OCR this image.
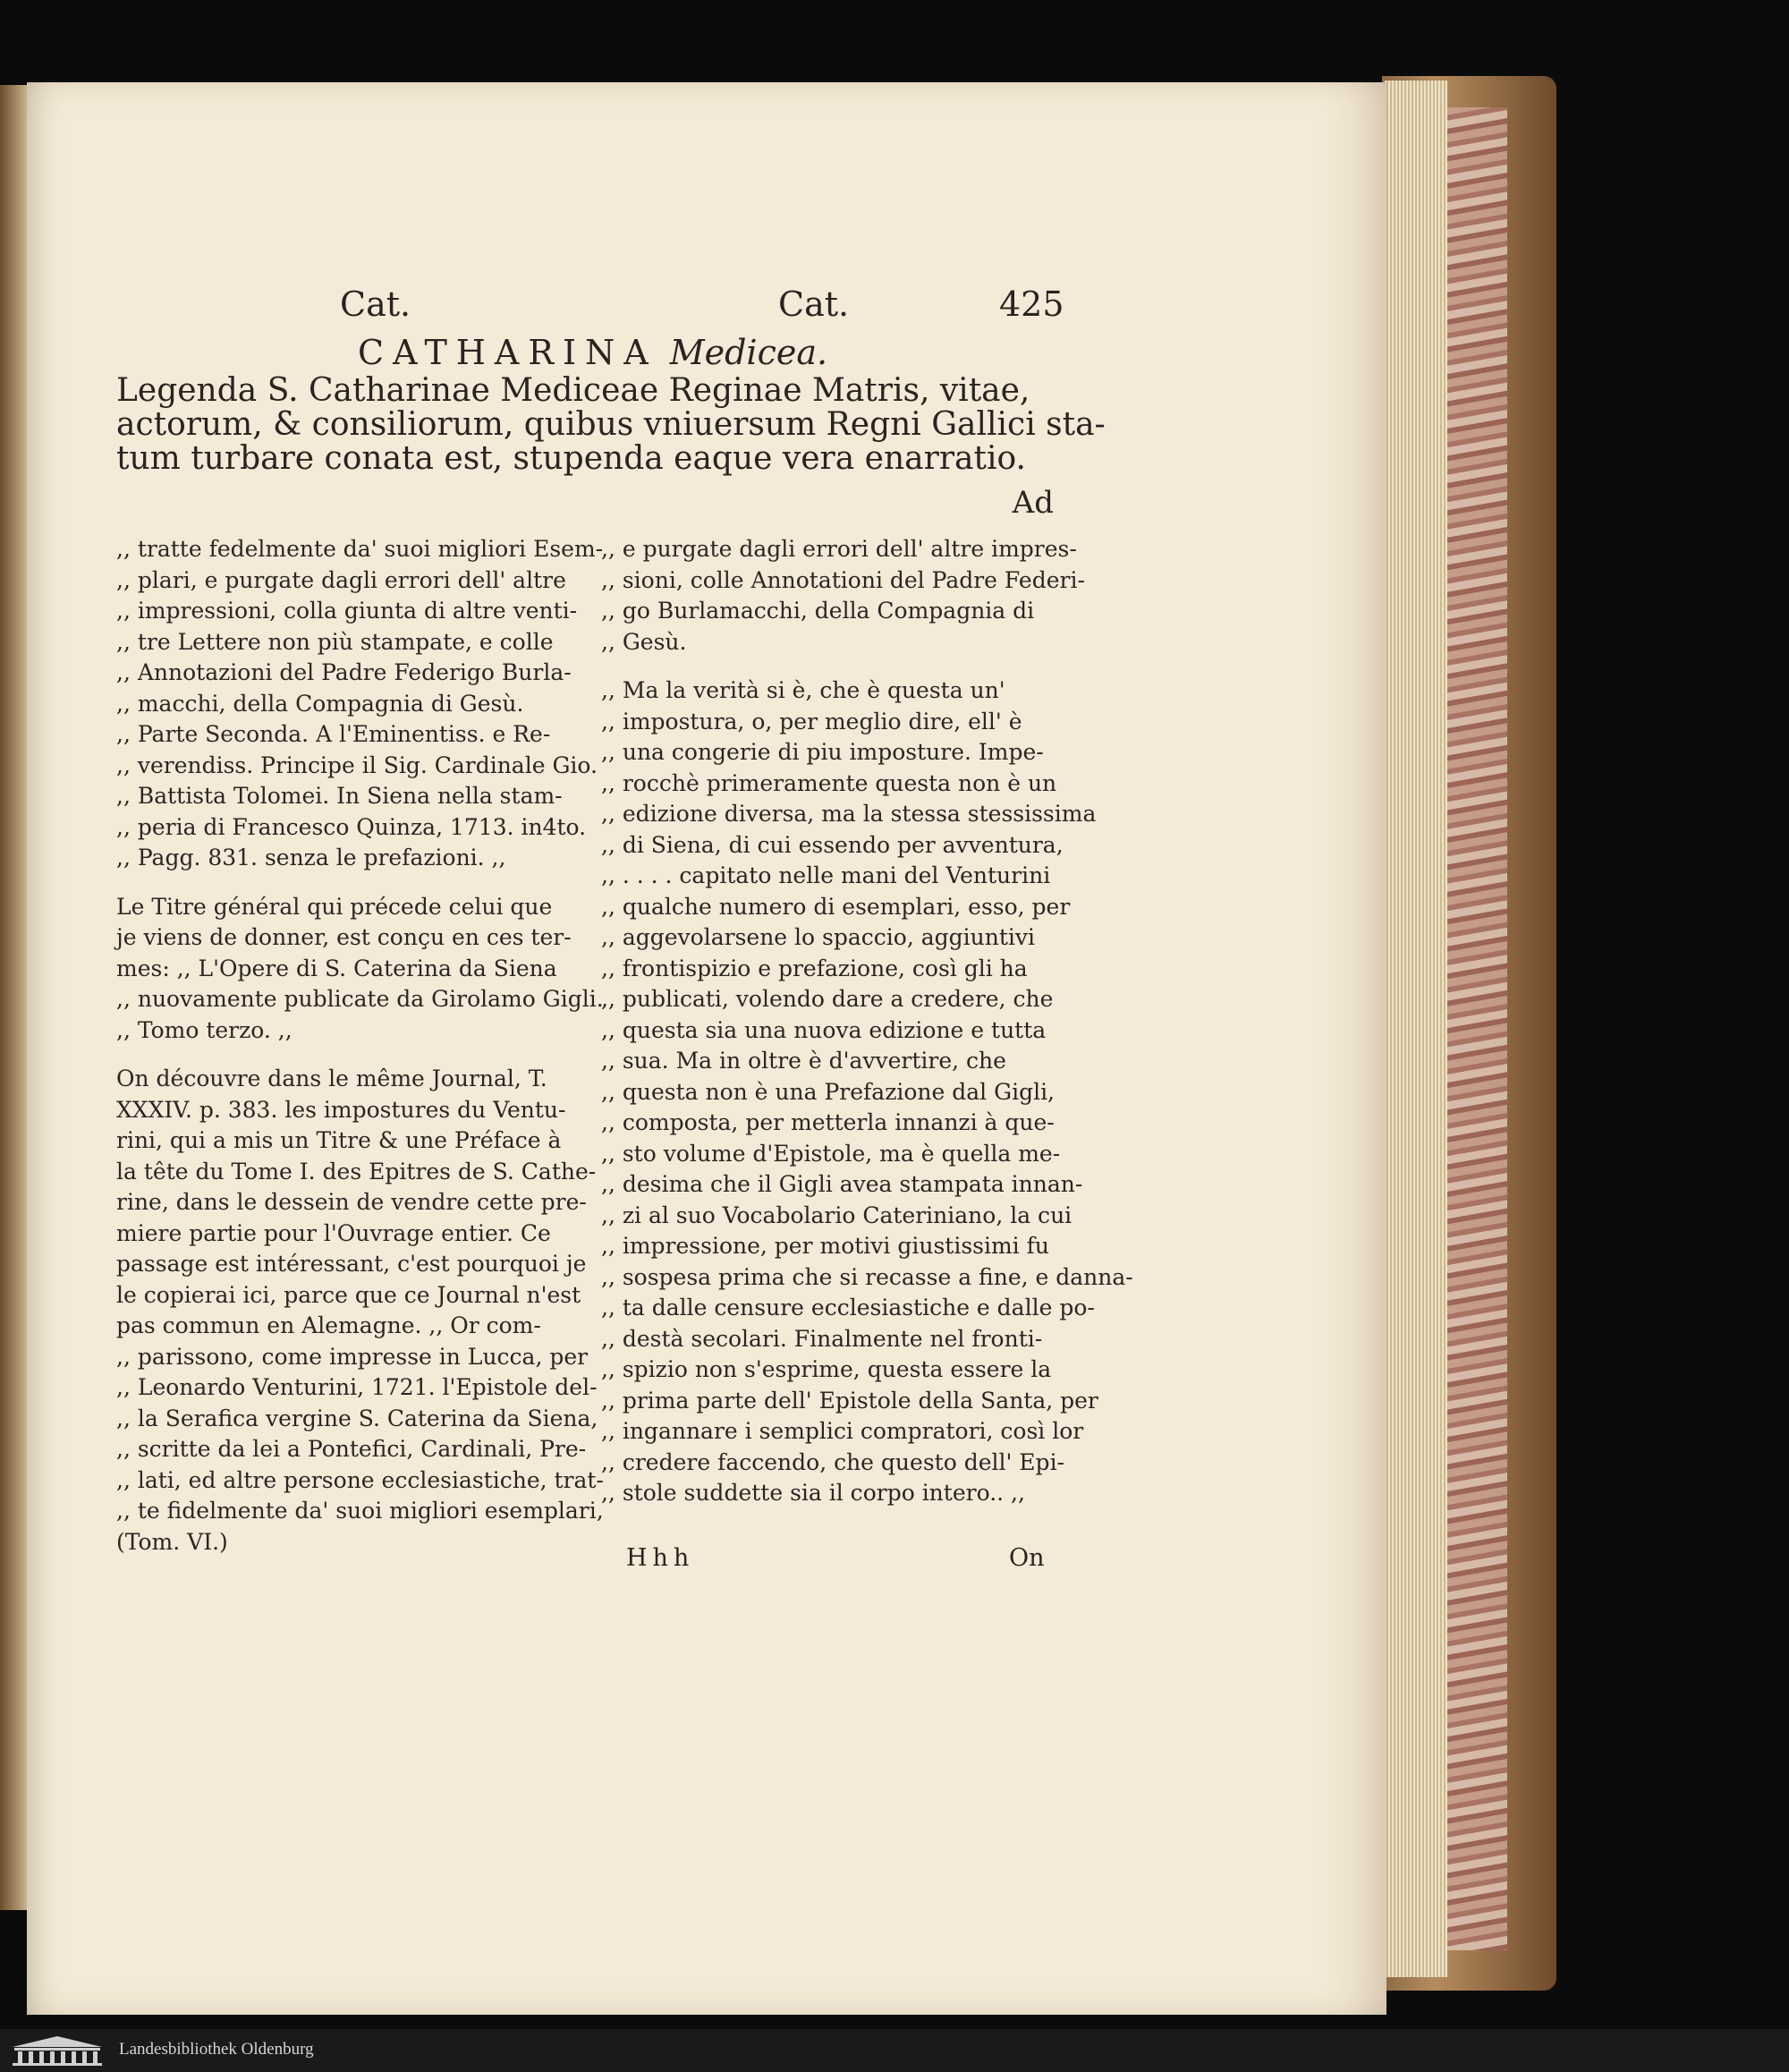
Cat.	Cat.	425
CATHARINA Medicea.
Legenda S. Catharinae Mediceae Reginae Matris, vitae,
actorum, & consiliorum, quibus vniuersum Regni Gallici sta-
tum turbare conata est, stupenda eaque vera enarratio.
Ad
,, tratte fedelmente da' suoi migliori Esem-
,, plari, e purgate dagli errori dell' altre
,, impressioni, colla giunta di altre venti-
,, tre Lettere non più stampate, e colle
,, Annotazioni del Padre Federigo Burla-
,, macchi, della Compagnia di Gesù.
,, Parte Seconda. A l'Eminentiss. e Re-
,, verendiss. Principe il Sig. Cardinale Gio.
,, Battista Tolomei. In Siena nella stam-
,, peria di Francesco Quinza, 1713. in4to.
,, Pagg. 831. senza le prefazioni. ,,
Le Titre général qui précede celui que
je viens de donner, est conçu en ces ter-
mes: ,, L'Opere di S. Caterina da Siena
,, nuovamente publicate da Girolamo Gigli.
,, Tomo terzo. ,,
On découvre dans le même Journal, T.
XXXIV. p. 383. les impostures du Ventu-
rini, qui a mis un Titre & une Préface à
la tête du Tome I. des Epitres de S. Cathe-
rine, dans le dessein de vendre cette pre-
miere partie pour l'Ouvrage entier. Ce
passage est intéressant, c'est pourquoi je
le copierai ici, parce que ce Journal n'est
pas commun en Alemagne. ,, Or com-
,, parissono, come impresse in Lucca, per
,, Leonardo Venturini, 1721. l'Epistole del-
,, la Serafica vergine S. Caterina da Siena,
,, scritte da lei a Pontefici, Cardinali, Pre-
,, lati, ed altre persone ecclesiastiche, trat-
,, te fidelmente da' suoi migliori esemplari,
(Tom. VI.)
,, e purgate dagli errori dell' altre impres-
,, sioni, colle Annotationi del Padre Federi-
,, go Burlamacchi, della Compagnia di
,, Gesù.
,, Ma la verità si è, che è questa un'
,, impostura, o, per meglio dire, ell' è
,, una congerie di piu imposture. Impe-
,, rocchè primeramente questa non è un
,, edizione diversa, ma la stessa stessissima
,, di Siena, di cui essendo per avventura,
,, . . . . capitato nelle mani del Venturini
,, qualche numero di esemplari, esso, per
,, aggevolarsene lo spaccio, aggiuntivi
,, frontispizio e prefazione, così gli ha
,, publicati, volendo dare a credere, che
,, questa sia una nuova edizione e tutta
,, sua. Ma in oltre è d'avvertire, che
,, questa non è una Prefazione dal Gigli,
,, composta, per metterla innanzi à que-
,, sto volume d'Epistole, ma è quella me-
,, desima che il Gigli avea stampata innan-
,, zi al suo Vocabolario Cateriniano, la cui
,, impressione, per motivi giustissimi fu
,, sospesa prima che si recasse a fine, e danna-
,, ta dalle censure ecclesiastiche e dalle po-
,, destà secolari. Finalmente nel fronti-
,, spizio non s'esprime, questa essere la
,, prima parte dell' Epistole della Santa, per
,, ingannare i semplici compratori, così lor
,, credere faccendo, che questo dell' Epi-
,, stole suddette sia il corpo intero.. ,,
Hhh	On
Landesbibliothek Oldenburg
